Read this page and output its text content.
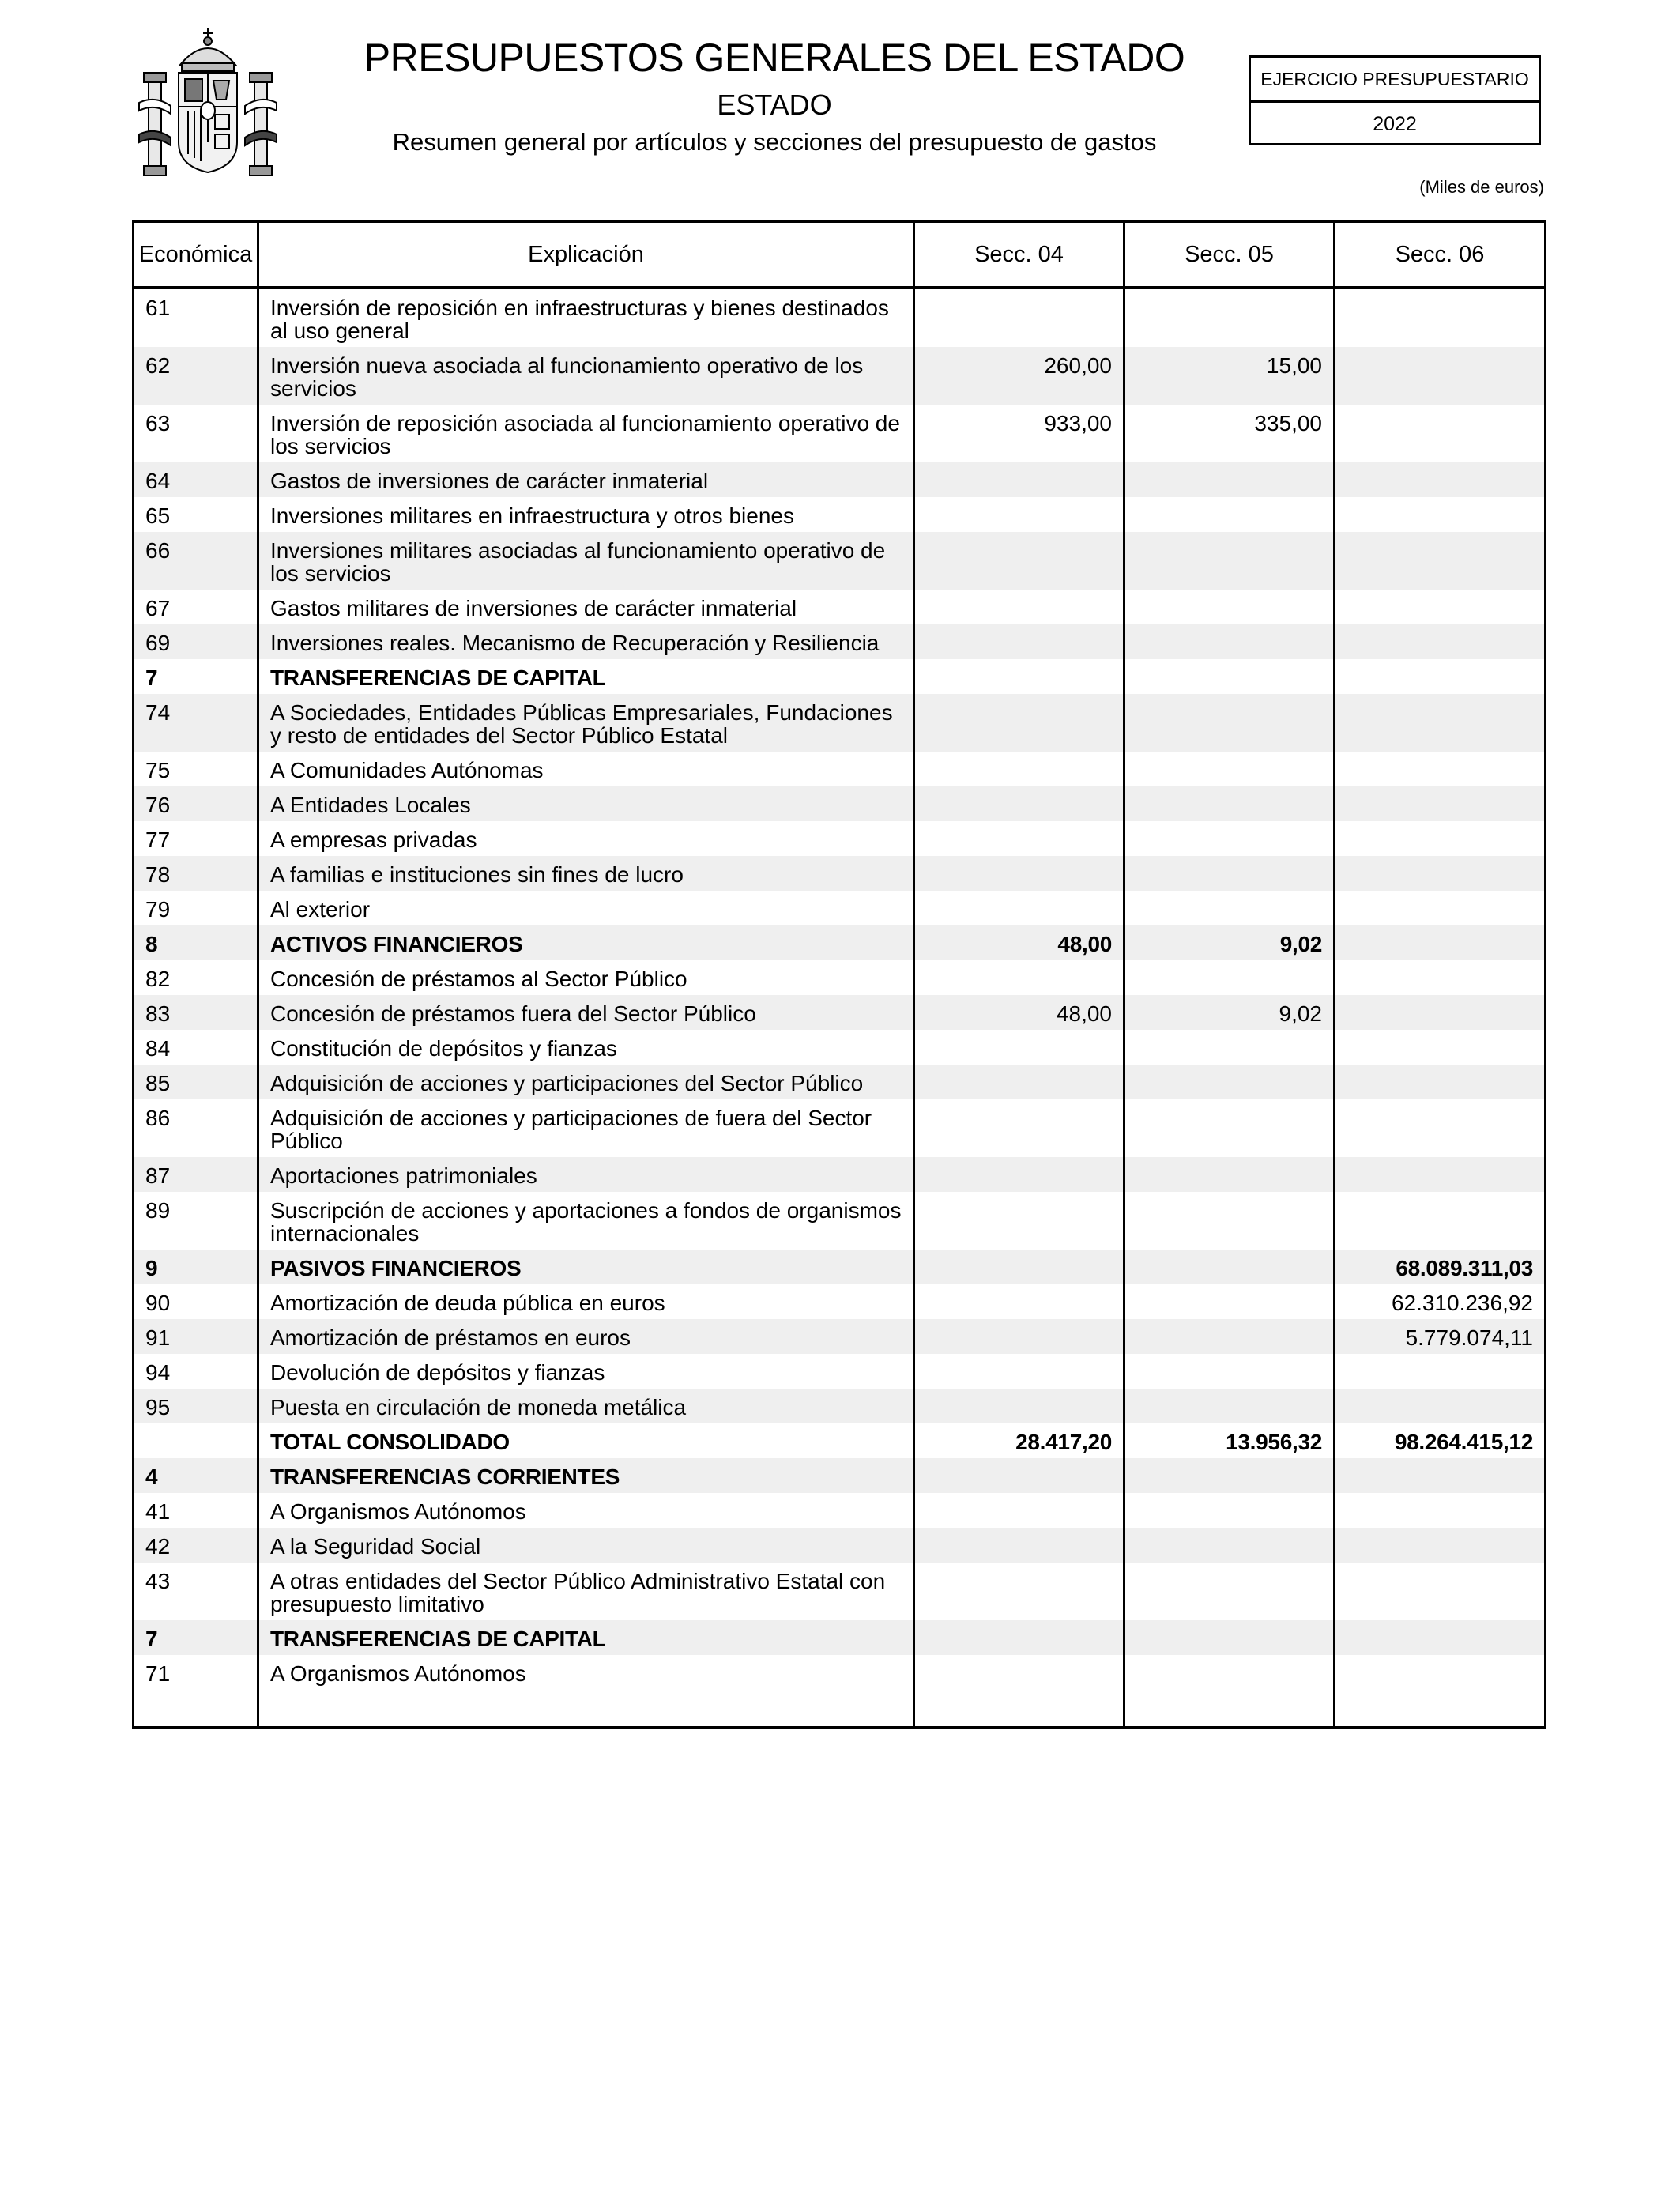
PRESUPUESTOS GENERALES DEL ESTADO
ESTADO
Resumen general por artículos y secciones del presupuesto de gastos
EJERCICIO PRESUPUESTARIO
2022
(Miles de euros)
Económica	Explicación	Secc. 04	Secc. 05	Secc. 06
61	Inversión de reposición en infraestructuras y bienes destinados al uso general			
62	Inversión nueva asociada al funcionamiento operativo de los servicios	260,00	15,00	
63	Inversión de reposición asociada al funcionamiento operativo de los servicios	933,00	335,00	
64	Gastos de inversiones de carácter inmaterial			
65	Inversiones militares en infraestructura y otros bienes			
66	Inversiones militares asociadas al funcionamiento operativo de los servicios			
67	Gastos militares de inversiones de carácter inmaterial			
69	Inversiones reales. Mecanismo de Recuperación y Resiliencia			
7	TRANSFERENCIAS DE CAPITAL			
74	A Sociedades, Entidades Públicas Empresariales, Fundaciones y resto de entidades del Sector Público Estatal			
75	A Comunidades Autónomas			
76	A Entidades Locales			
77	A empresas privadas			
78	A familias e instituciones sin fines de lucro			
79	Al exterior			
8	ACTIVOS FINANCIEROS	48,00	9,02	
82	Concesión de préstamos al Sector Público			
83	Concesión de préstamos fuera del Sector Público	48,00	9,02	
84	Constitución de depósitos y fianzas			
85	Adquisición de acciones y participaciones del Sector Público			
86	Adquisición de acciones y participaciones de fuera del Sector Público			
87	Aportaciones patrimoniales			
89	Suscripción de acciones y aportaciones a fondos de organismos internacionales			
9	PASIVOS FINANCIEROS			68.089.311,03
90	Amortización de deuda pública en euros			62.310.236,92
91	Amortización de préstamos en euros			5.779.074,11
94	Devolución de depósitos y fianzas			
95	Puesta en circulación de moneda metálica			
	TOTAL CONSOLIDADO	28.417,20	13.956,32	98.264.415,12
4	TRANSFERENCIAS CORRIENTES			
41	A Organismos Autónomos			
42	A la Seguridad Social			
43	A otras entidades del Sector Público Administrativo Estatal con presupuesto limitativo			
7	TRANSFERENCIAS DE CAPITAL			
71	A Organismos Autónomos			
